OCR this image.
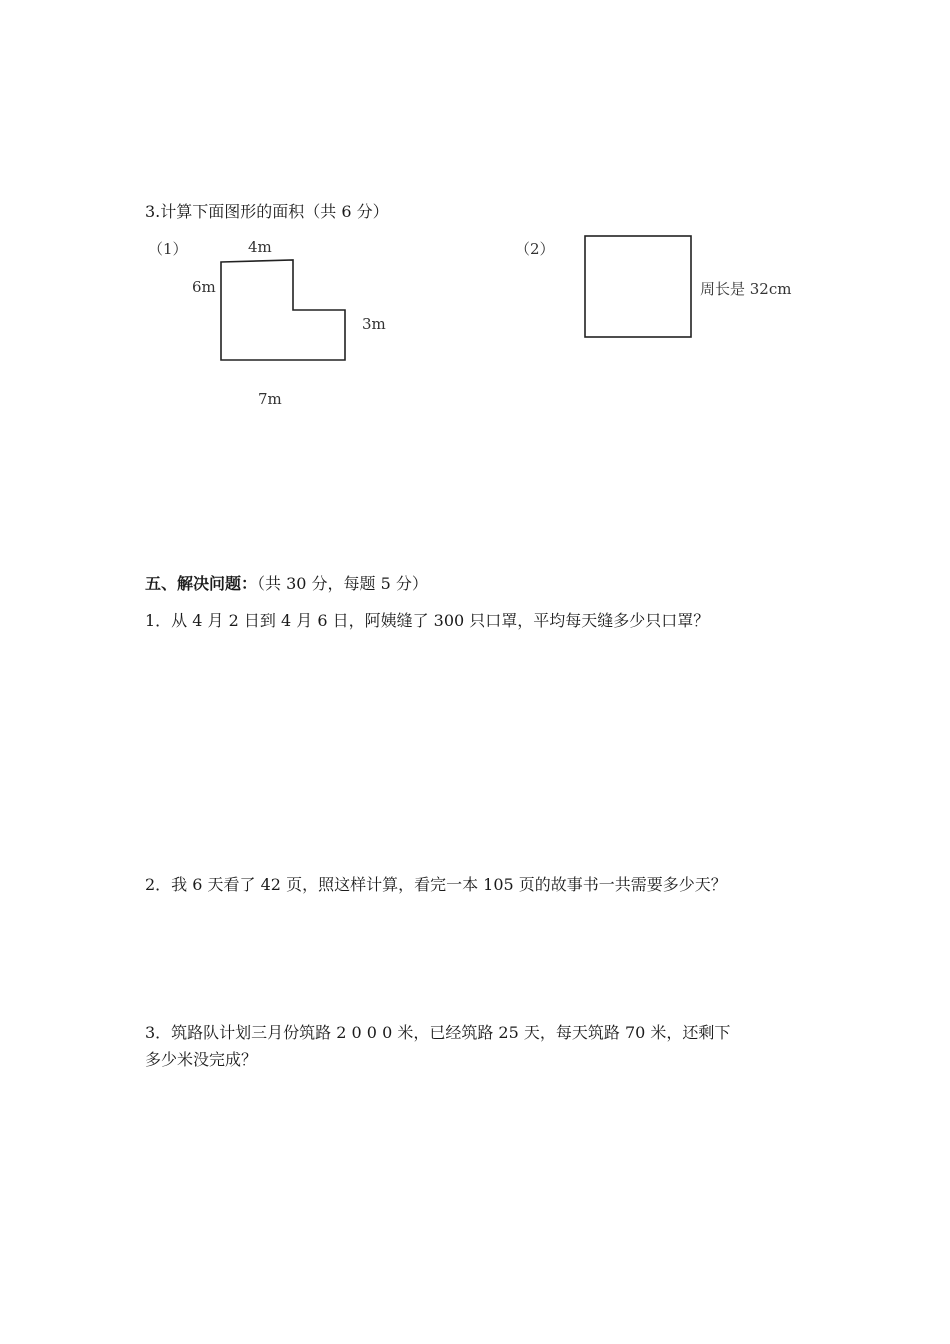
3.计算下面图形的面积（共 6 分）
（1）	4m
6m
3m
7m
（2）
周长是 32cm
五、解决问题：（共 30 分，每题 5 分）
1．从 4 月 2 日到 4 月 6 日，阿姨缝了 300 只口罩，平均每天缝多少只口罩？
2．我 6 天看了 42 页，照这样计算，看完一本 105 页的故事书一共需要多少天？
3．筑路队计划三月份筑路 2 0 0 0 米，已经筑路 25 天，每天筑路 70 米，还剩下
多少米没完成？
